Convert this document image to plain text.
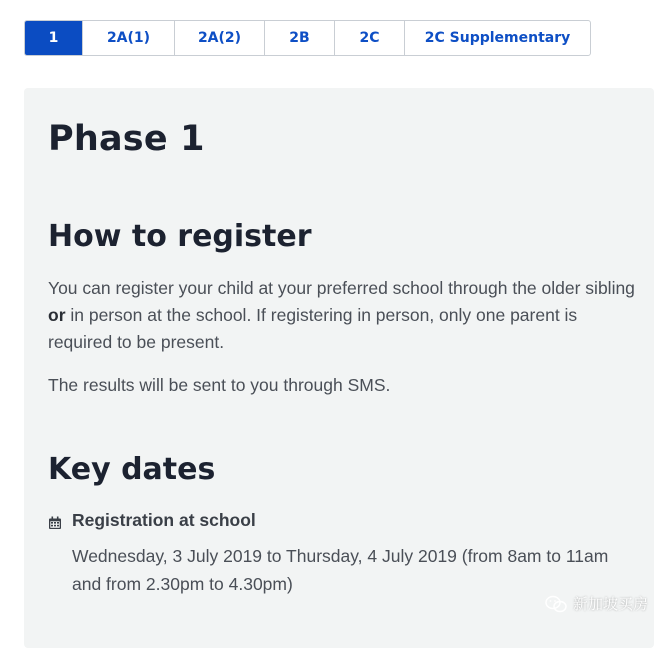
1	2A(1)	2A(2)	2B	2C	2C Supplementary
Phase 1
How to register

You can register your child at your preferred school through the older sibling or in person at the school. If registering in person, only one parent is required to be present.

The results will be sent to you through SMS.

Key dates
Registration at school

Wednesday, 3 July 2019 to Thursday, 4 July 2019 (from 8am to 11am and from 2.30pm to 4.30pm)

新加坡买房
